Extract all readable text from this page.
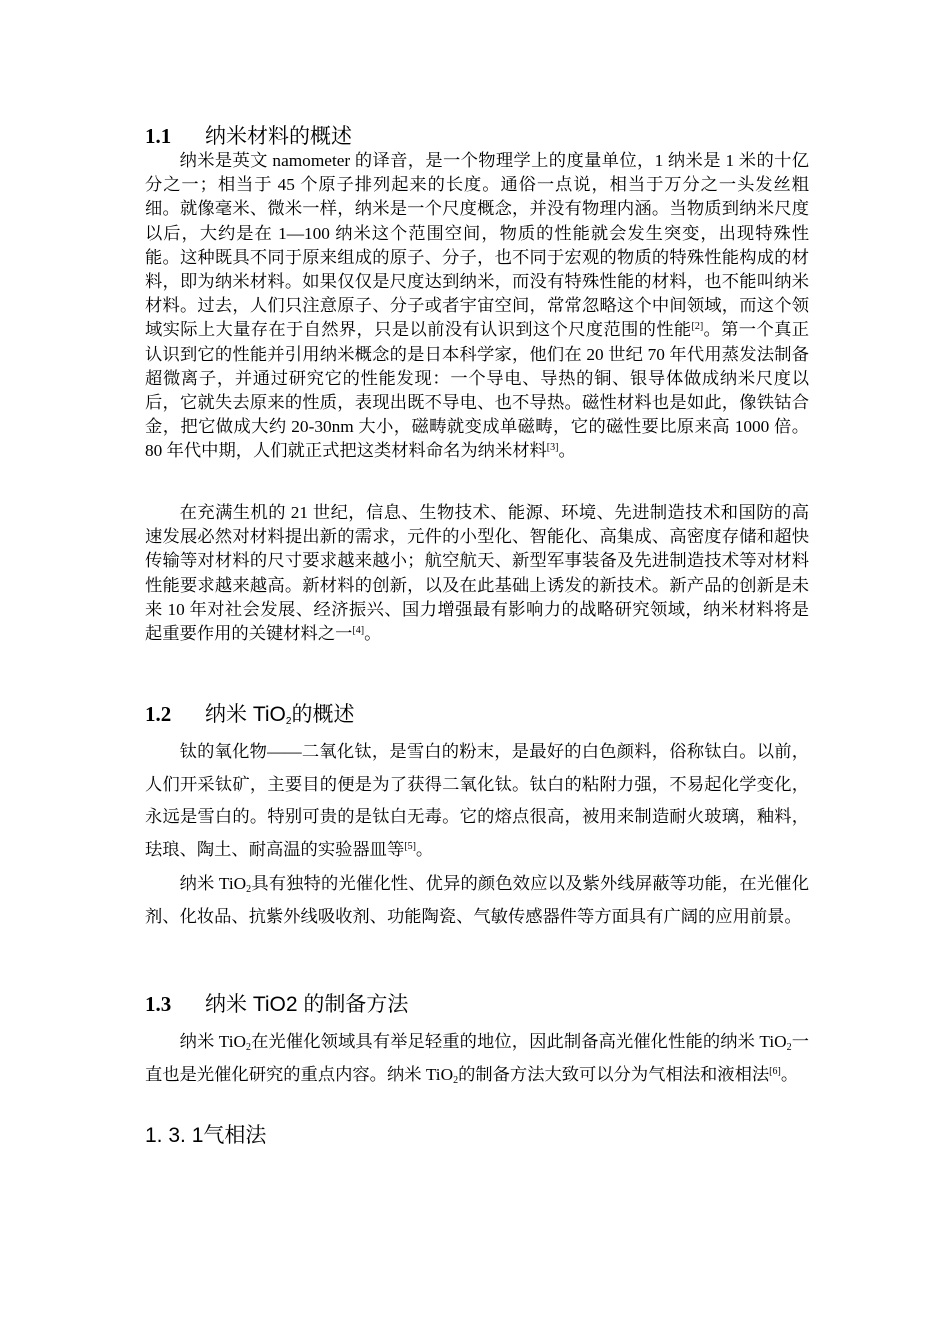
1.1 纳米材料的概述

纳米是英文 namometer 的译音，是一个物理学上的度量单位，1 纳米是 1 米的十亿分之一；相当于 45 个原子排列起来的长度。通俗一点说，相当于万分之一头发丝粗细。就像毫米、微米一样，纳米是一个尺度概念，并没有物理内涵。当物质到纳米尺度以后，大约是在 1—100 纳米这个范围空间，物质的性能就会发生突变，出现特殊性能。这种既具不同于原来组成的原子、分子，也不同于宏观的物质的特殊性能构成的材料，即为纳米材料。如果仅仅是尺度达到纳米，而没有特殊性能的材料，也不能叫纳米材料。过去，人们只注意原子、分子或者宇宙空间，常常忽略这个中间领域，而这个领域实际上大量存在于自然界，只是以前没有认识到这个尺度范围的性能[2]。第一个真正认识到它的性能并引用纳米概念的是日本科学家，他们在 20 世纪 70 年代用蒸发法制备超微离子，并通过研究它的性能发现：一个导电、导热的铜、银导体做成纳米尺度以后，它就失去原来的性质，表现出既不导电、也不导热。磁性材料也是如此，像铁钴合金，把它做成大约 20-30nm 大小，磁畴就变成单磁畴，它的磁性要比原来高 1000 倍。80 年代中期，人们就正式把这类材料命名为纳米材料[3]。

在充满生机的 21 世纪，信息、生物技术、能源、环境、先进制造技术和国防的高速发展必然对材料提出新的需求，元件的小型化、智能化、高集成、高密度存储和超快传输等对材料的尺寸要求越来越小；航空航天、新型军事装备及先进制造技术等对材料性能要求越来越高。新材料的创新，以及在此基础上诱发的新技术。新产品的创新是未来 10 年对社会发展、经济振兴、国力增强最有影响力的战略研究领域，纳米材料将是起重要作用的关键材料之一[4]。

1.2 纳米 TiO$_2$的概述

钛的氧化物——二氧化钛，是雪白的粉末，是最好的白色颜料，俗称钛白。以前，人们开采钛矿，主要目的便是为了获得二氧化钛。钛白的粘附力强，不易起化学变化，永远是雪白的。特别可贵的是钛白无毒。它的熔点很高，被用来制造耐火玻璃，釉料，珐琅、陶土、耐高温的实验器皿等[5]。

纳米 TiO$_2$具有独特的光催化性、优异的颜色效应以及紫外线屏蔽等功能，在光催化剂、化妆品、抗紫外线吸收剂、功能陶瓷、气敏传感器件等方面具有广阔的应用前景。

1.3 纳米 TiO2 的制备方法

纳米 TiO$_2$在光催化领域具有举足轻重的地位，因此制备高光催化性能的纳米 TiO$_2$一直也是光催化研究的重点内容。纳米 TiO$_2$的制备方法大致可以分为气相法和液相法[6]。

1. 3. 1气相法
